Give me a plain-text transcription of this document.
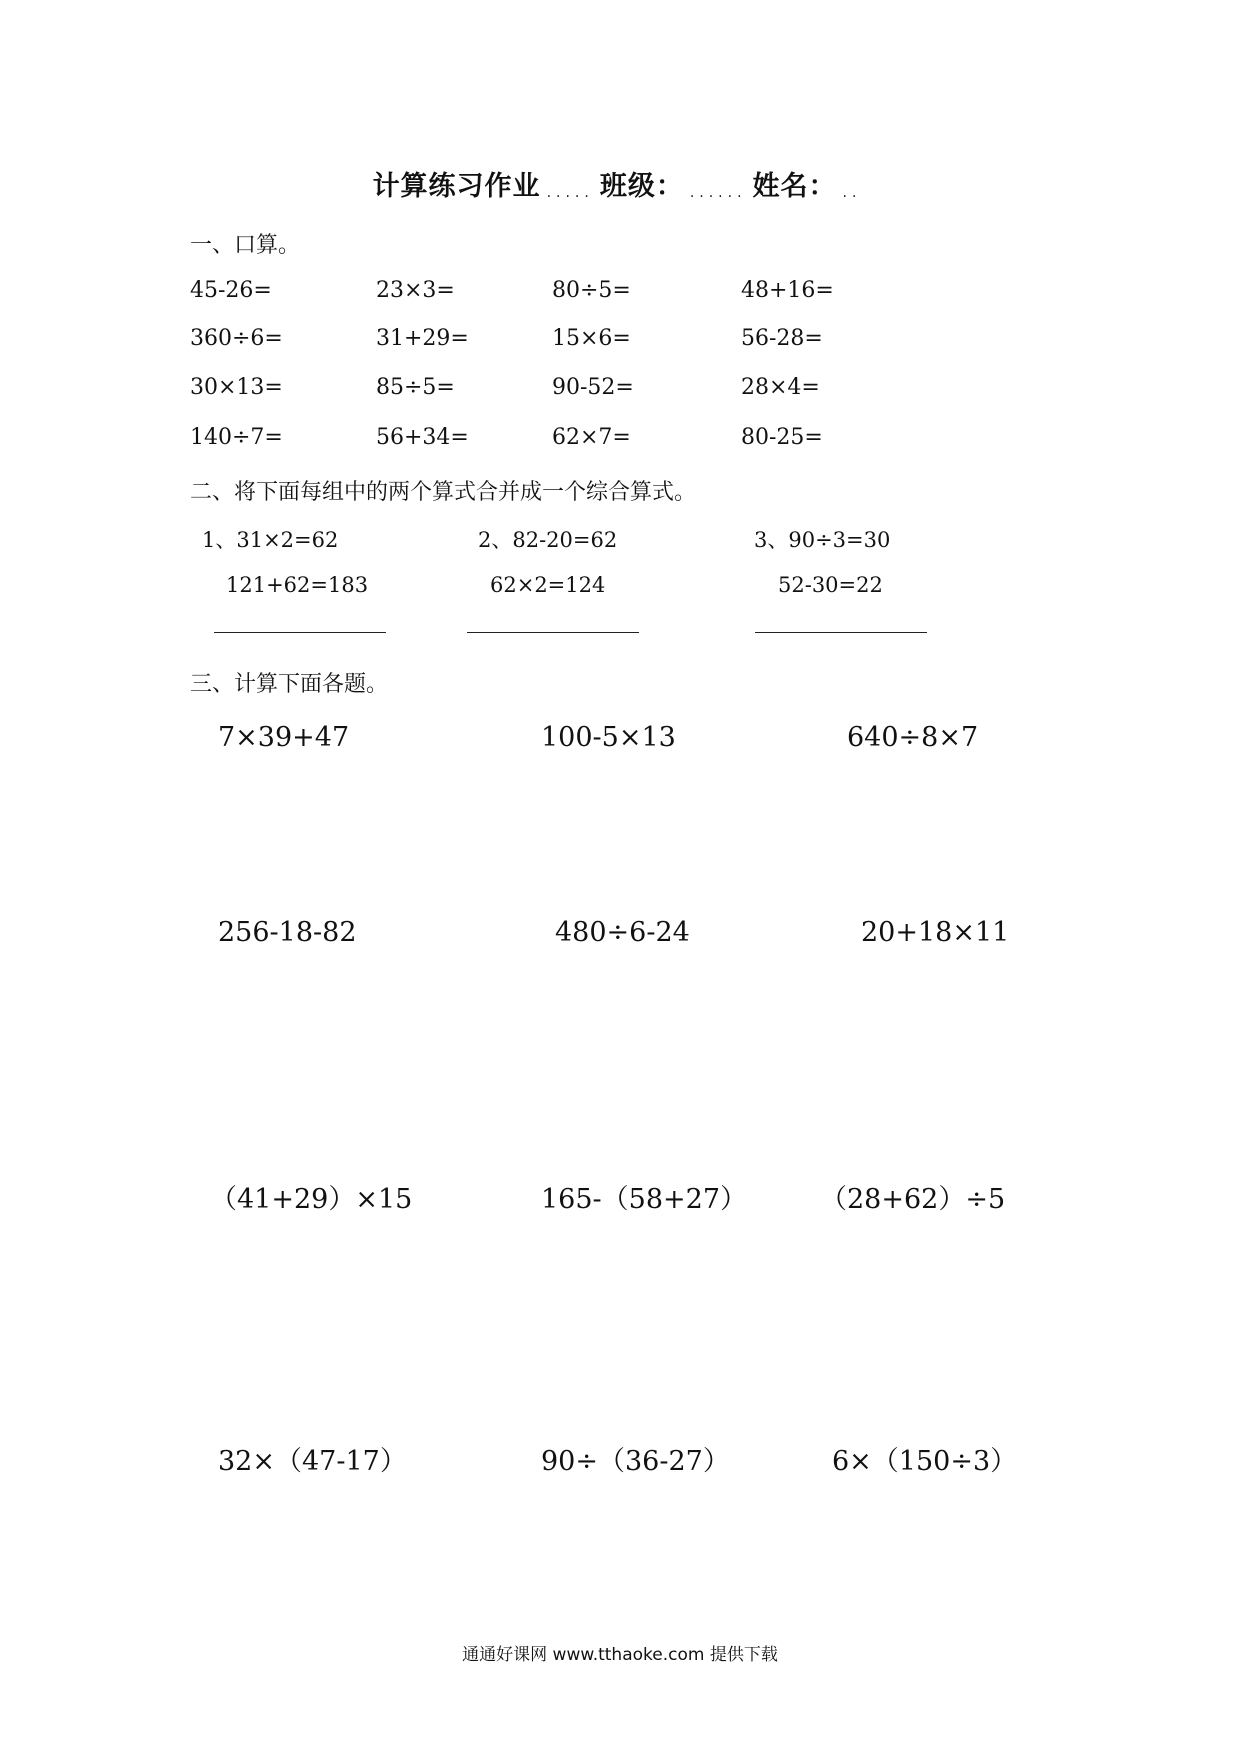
计算练习作业 ..... 班级： ...... 姓名： ..
一、口算。
45-26=	23×3=	80÷5=	48+16=
360÷6=	31+29=	15×6=	56-28=
30×13=	85÷5=	90-52=	28×4=
140÷7=	56+34=	62×7=	80-25=
二、将下面每组中的两个算式合并成一个综合算式。
1、31×2=62
121+62=183
2、82-20=62
62×2=124
3、90÷3=30
52-30=22
三、计算下面各题。
7×39+47	100-5×13	640÷8×7
256-18-82	480÷6-24	20+18×11
（41+29）×15	165-（58+27）	（28+62）÷5
32×（47-17）	90÷（36-27）	6×（150÷3）
通通好课网 www.tthaoke.com 提供下载
